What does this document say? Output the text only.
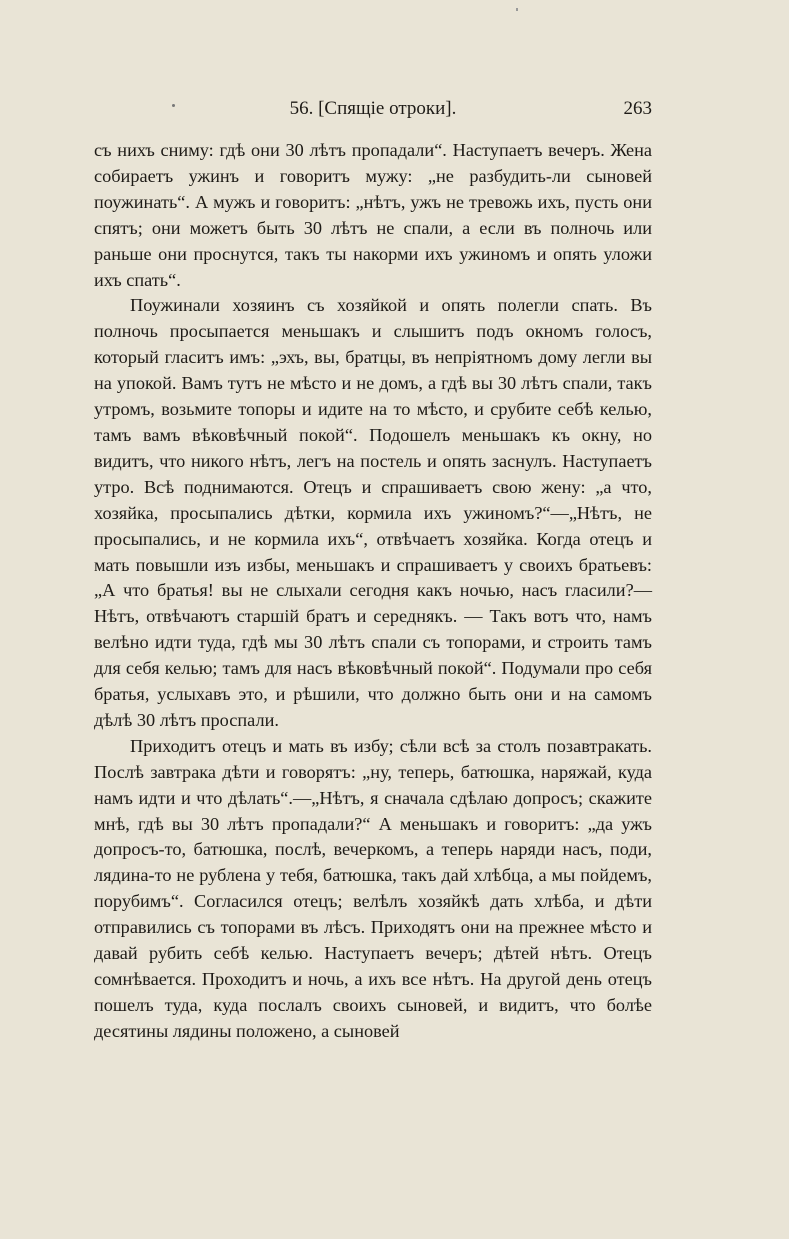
56. [Спящіе отроки].	263

съ нихъ сниму: гдѣ они 30 лѣтъ пропадали“. Наступаетъ вечеръ. Жена собираетъ ужинъ и говоритъ мужу: „не разбудить-ли сыновей поужинать“. А мужъ и говоритъ: „нѣтъ, ужъ не тревожь ихъ, пусть они спятъ; они можетъ быть 30 лѣтъ не спали, а если въ полночь или раньше они проснутся, такъ ты накорми ихъ ужиномъ и опять уложи ихъ спать“.

Поужинали хозяинъ съ хозяйкой и опять полегли спать. Въ полночь просыпается меньшакъ и слышитъ подъ окномъ голосъ, который гласитъ имъ: „эхъ, вы, братцы, въ непріятномъ дому легли вы на упокой. Вамъ тутъ не мѣсто и не домъ, а гдѣ вы 30 лѣтъ спали, такъ утромъ, возьмите топоры и идите на то мѣсто, и срубите себѣ келью, тамъ вамъ вѣковѣчный покой“. Подошелъ меньшакъ къ окну, но видитъ, что никого нѣтъ, легъ на постель и опять заснулъ. Наступаетъ утро. Всѣ поднимаются. Отецъ и спрашиваетъ свою жену: „а что, хозяйка, просыпались дѣтки, кормила ихъ ужиномъ?“—„Нѣтъ, не просыпались, и не кормила ихъ“, отвѣчаетъ хозяйка. Когда отецъ и мать повышли изъ избы, меньшакъ и спрашиваетъ у своихъ братьевъ: „А что братья! вы не слыхали сегодня какъ ночью, насъ гласили?—Нѣтъ, отвѣчаютъ старшій братъ и середнякъ. — Такъ вотъ что, намъ велѣно идти туда, гдѣ мы 30 лѣтъ спали съ топорами, и строить тамъ для себя келью; тамъ для насъ вѣковѣчный покой“. Подумали про себя братья, услыхавъ это, и рѣшили, что должно быть они и на самомъ дѣлѣ 30 лѣтъ проспали.

Приходитъ отецъ и мать въ избу; сѣли всѣ за столъ позавтракать. Послѣ завтрака дѣти и говорятъ: „ну, теперь, батюшка, наряжай, куда намъ идти и что дѣлать“.—„Нѣтъ, я сначала сдѣлаю допросъ; скажите мнѣ, гдѣ вы 30 лѣтъ пропадали?“ А меньшакъ и говоритъ: „да ужъ допросъ-то, батюшка, послѣ, вечеркомъ, а теперь наряди насъ, поди, лядина-то не рублена у тебя, батюшка, такъ дай хлѣбца, а мы пойдемъ, порубимъ“. Согласился отецъ; велѣлъ хозяйкѣ дать хлѣба, и дѣти отправились съ топорами въ лѣсъ. Приходятъ они на прежнее мѣсто и давай рубить себѣ келью. Наступаетъ вечеръ; дѣтей нѣтъ. Отецъ сомнѣвается. Проходитъ и ночь, а ихъ все нѣтъ. На другой день отецъ пошелъ туда, куда послалъ своихъ сыновей, и видитъ, что болѣе десятины лядины положено, а сыновей
